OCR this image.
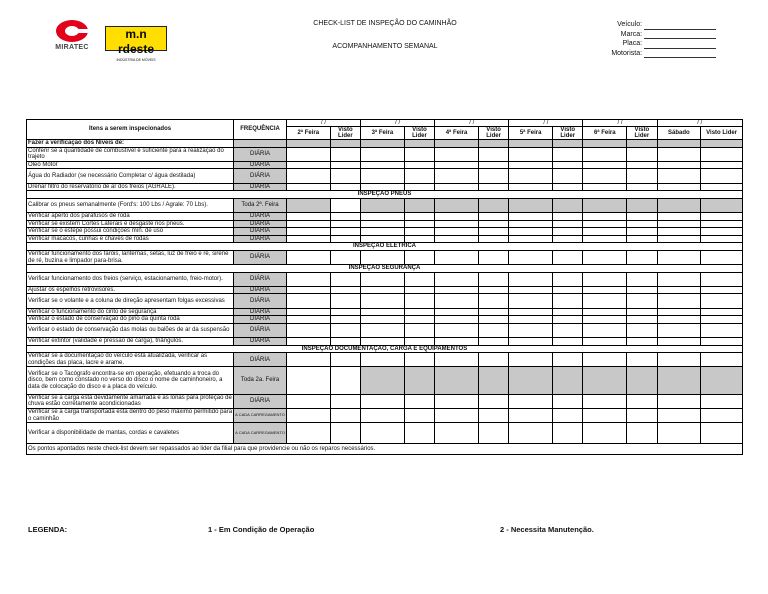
MIRATEC
m.n rdeste
INDÚSTRIA DE MÓVEIS
CHECK-LIST DE INSPEÇÃO DO CAMINHÃO
ACOMPANHAMENTO SEMANAL
Veículo:
Marca:
Placa:
Motorista:
Itens a serem inspecionados	FREQUÊNCIA	/ /		/ /		/ /		/ /		/ /		/ /	
		2ª Feira	Visto Lider	3ª Feira	Visto Lider	4ª Feira	Visto Lider	5ª Feira	Visto Lider	6ª Feira	Visto Lider	Sábado	Visto Lider
Fazer a verificação dos Níveis de:													
Conferir se a quantidade de combustível é suficiente para a realização do trajeto	DIÁRIA												
Óleo Motor	DIÁRIA												
Água do Radiador (se necessário Completar c/ água destilada)	DIÁRIA												
Drenar filtro do reservatório de ar dos freios (AGRALE).	DIÁRIA												
INSPEÇÃO PNEUS													
Calibrar os pneus semanalmente (Ford's: 100 Lbs / Agrale: 70 Lbs).	Toda 2ª. Feira												
Verificar aperto dos parafusos de roda	DIÁRIA												
Verificar se existem Cortes Laterais e desgaste nos pneus.	DIÁRIA												
Verificar se o estepe possui condições mín. de uso	DIÁRIA												
Verificar macacos, cunhas e chaves de rodas	DIÁRIA												
INSPEÇÃO ELÉTRICA													
Verificar funcionamento dos faróis, lanternas, setas, luz de freio e ré, sirene de ré, buzina e limpador para-brisa.	DIÁRIA												
INSPEÇÃO SEGURANÇA													
Verificar funcionamento dos freios (serviço, estacionamento, freio-motor).	DIÁRIA												
Ajustar os espelhos retrovisores.	DIÁRIA												
Verificar se o volante e a coluna de direção apresentam folgas excessivas	DIÁRIA												
Verificar o funcionamento do cinto de segurança	DIÁRIA												
Verificar o estado de conservação do pino da quinta roda	DIÁRIA												
Verificar o estado de conservação das molas ou balões de ar da suspensão	DIÁRIA												
Verificar extintor (validade e pressão de carga), triângulos.	DIÁRIA												
INSPEÇÃO DOCUMENTAÇÃO, CARGA E EQUIPAMENTOS													
Verificar se a documentação do veículo está atualizada, verificar as condições das placa, lacre e arame.	DIÁRIA												
Verificar se o Tacógrafo encontra-se em operação, efetuando a troca do disco, bem como constado no verso do disco o nome de caminhoneiro, a data de colocação do disco e a placa do veículo.	Toda 2a. Feira												
Verificar se a carga está devidamente amarrada e as lonas para proteção de chuva estão corretamente acondicionadas	DIÁRIA												
Verificar se a carga transportada esta dentro do peso máximo permitido para o caminhão	A CADA CARREGAMENTO												
Verificar a disponibilidade de mantas, cordas e cavaletes	A CADA CARREGAMENTO												
Os pontos apontados neste check-list devem ser repassados ao lider da filial para que providencie ou não os reparos necessários.													
LEGENDA:	1 - Em Condição de Operação	2 - Necessita Manutenção.
